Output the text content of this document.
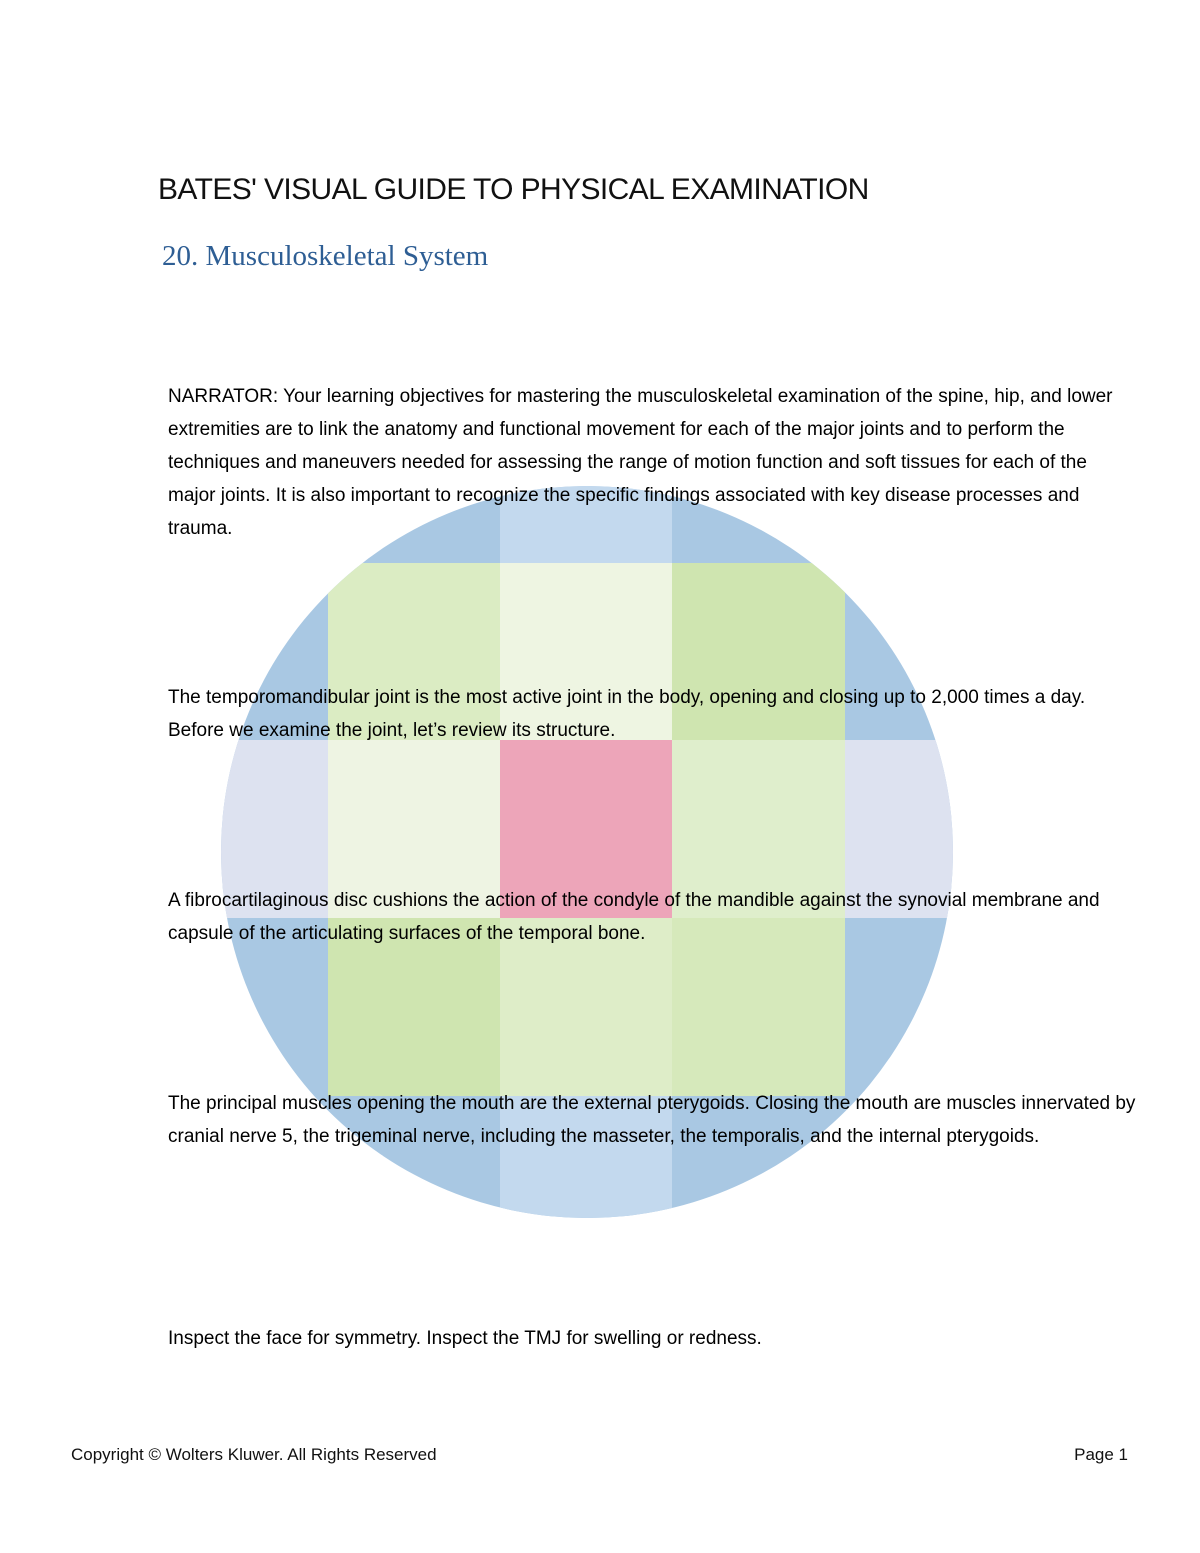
BATES' VISUAL GUIDE TO PHYSICAL EXAMINATION
20. Musculoskeletal System

NARRATOR: Your learning objectives for mastering the musculoskeletal examination of the spine, hip, and lower extremities are to link the anatomy and functional movement for each of the major joints and to perform the techniques and maneuvers needed for assessing the range of motion function and soft tissues for each of the major joints. It is also important to recognize the specific findings associated with key disease processes and trauma.

The temporomandibular joint is the most active joint in the body, opening and closing up to 2,000 times a day. Before we examine the joint, let’s review its structure.

A fibrocartilaginous disc cushions the action of the condyle of the mandible against the synovial membrane and capsule of the articulating surfaces of the temporal bone.

The principal muscles opening the mouth are the external pterygoids. Closing the mouth are muscles innervated by cranial nerve 5, the trigeminal nerve, including the masseter, the temporalis, and the internal pterygoids.

Inspect the face for symmetry. Inspect the TMJ for swelling or redness.

Copyright © Wolters Kluwer. All Rights Reserved	Page 1
